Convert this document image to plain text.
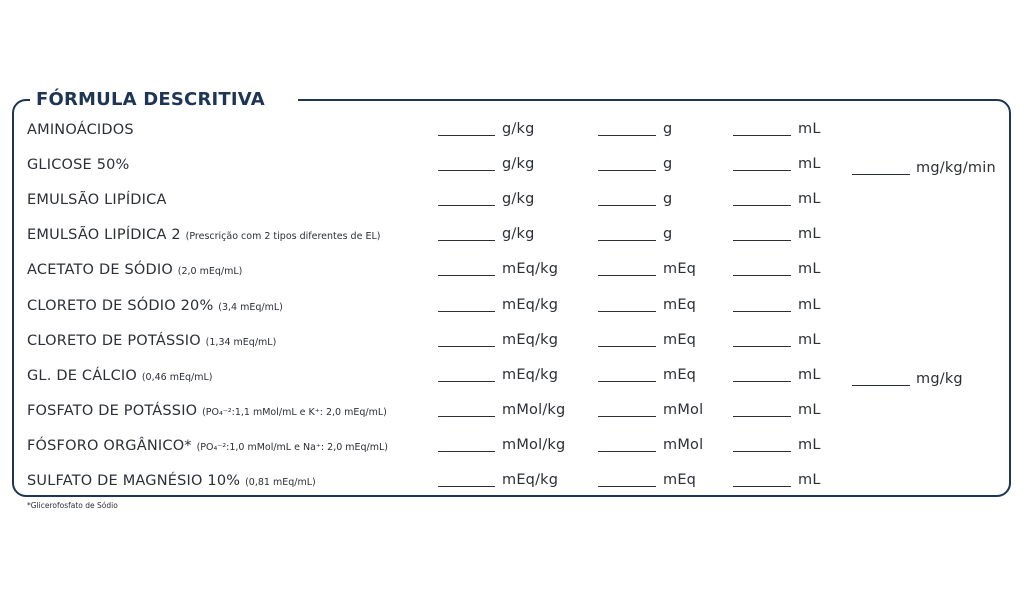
FÓRMULA DESCRITIVA
AMINOÁCIDOS	g/kg	g	mL
GLICOSE 50%	g/kg	g	mL	mg/kg/min
EMULSÃO LIPÍDICA	g/kg	g	mL
EMULSÃO LIPÍDICA 2 (Prescrição com 2 tipos diferentes de EL)	g/kg	g	mL
ACETATO DE SÓDIO (2,0 mEq/mL)	mEq/kg	mEq	mL
CLORETO DE SÓDIO 20% (3,4 mEq/mL)	mEq/kg	mEq	mL
CLORETO DE POTÁSSIO (1,34 mEq/mL)	mEq/kg	mEq	mL
GL. DE CÁLCIO (0,46 mEq/mL)	mEq/kg	mEq	mL	mg/kg
FOSFATO DE POTÁSSIO (PO₄⁻²:1,1 mMol/mL e K⁺: 2,0 mEq/mL)	mMol/kg	mMol	mL
FÓSFORO ORGÂNICO* (PO₄⁻²:1,0 mMol/mL e Na⁺: 2,0 mEq/mL)	mMol/kg	mMol	mL
SULFATO DE MAGNÉSIO 10% (0,81 mEq/mL)	mEq/kg	mEq	mL
*Glicerofosfato de Sódio
